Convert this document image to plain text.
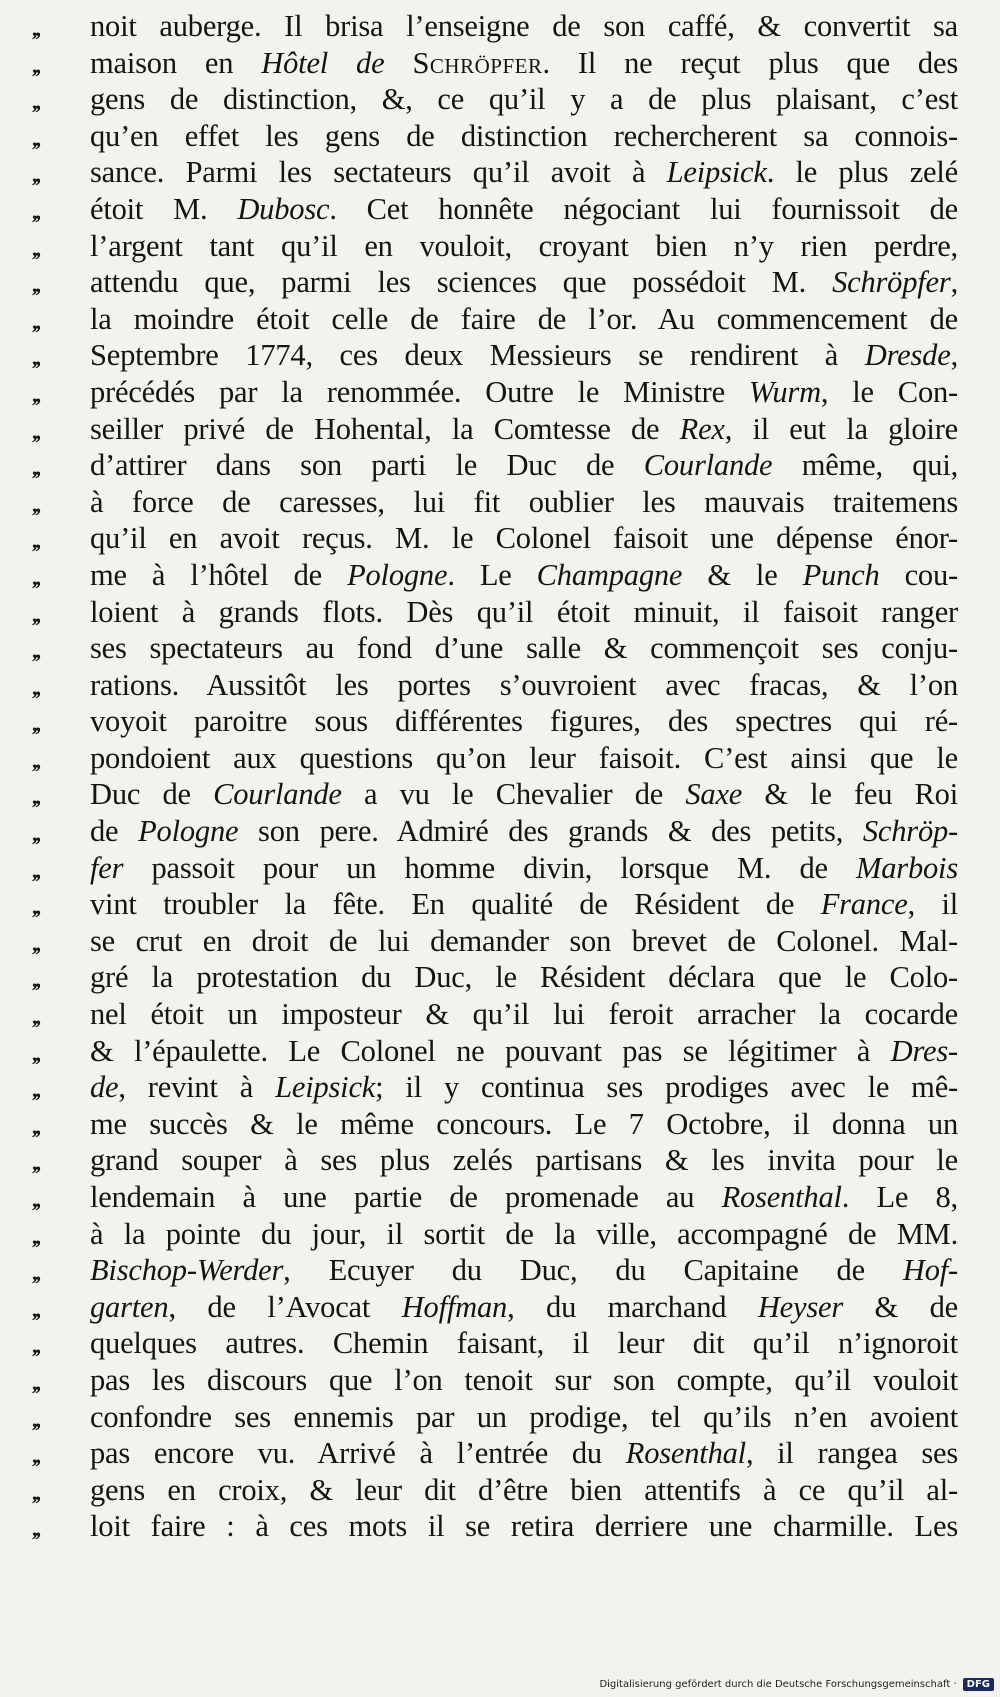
,,	noit auberge. Il brisa l’enseigne de son caffé, & convertit sa
,,	maison en Hôtel de Schröpfer. Il ne reçut plus que des
,,	gens de distinction, &, ce qu’il y a de plus plaisant, c’est
,,	qu’en effet les gens de distinction rechercherent sa connois-
,,	sance. Parmi les sectateurs qu’il avoit à Leipsick. le plus zelé
,,	étoit M. Dubosc. Cet honnête négociant lui fournissoit de
,,	l’argent tant qu’il en vouloit, croyant bien n’y rien perdre,
,,	attendu que, parmi les sciences que possédoit M. Schröpfer,
,,	la moindre étoit celle de faire de l’or. Au commencement de
,,	Septembre 1774, ces deux Messieurs se rendirent à Dresde,
,,	précédés par la renommée. Outre le Ministre Wurm, le Con-
,,	seiller privé de Hohental, la Comtesse de Rex, il eut la gloire
,,	d’attirer dans son parti le Duc de Courlande même, qui,
,,	à force de caresses, lui fit oublier les mauvais traitemens
,,	qu’il en avoit reçus. M. le Colonel faisoit une dépense énor-
,,	me à l’hôtel de Pologne. Le Champagne & le Punch cou-
,,	loient à grands flots. Dès qu’il étoit minuit, il faisoit ranger
,,	ses spectateurs au fond d’une salle & commençoit ses conju-
,,	rations. Aussitôt les portes s’ouvroient avec fracas, & l’on
,,	voyoit paroitre sous différentes figures, des spectres qui ré-
,,	pondoient aux questions qu’on leur faisoit. C’est ainsi que le
,,	Duc de Courlande a vu le Chevalier de Saxe & le feu Roi
,,	de Pologne son pere. Admiré des grands & des petits, Schröp-
,,	fer passoit pour un homme divin, lorsque M. de Marbois
,,	vint troubler la fête. En qualité de Résident de France, il
,,	se crut en droit de lui demander son brevet de Colonel. Mal-
,,	gré la protestation du Duc, le Résident déclara que le Colo-
,,	nel étoit un imposteur & qu’il lui feroit arracher la cocarde
,,	& l’épaulette. Le Colonel ne pouvant pas se légitimer à Dres-
,,	de, revint à Leipsick; il y continua ses prodiges avec le mê-
,,	me succès & le même concours. Le 7 Octobre, il donna un
,,	grand souper à ses plus zelés partisans & les invita pour le
,,	lendemain à une partie de promenade au Rosenthal. Le 8,
,,	à la pointe du jour, il sortit de la ville, accompagné de MM.
,,	Bischop-Werder, Ecuyer du Duc, du Capitaine de Hof-
,,	garten, de l’Avocat Hoffman, du marchand Heyser & de
,,	quelques autres. Chemin faisant, il leur dit qu’il n’ignoroit
,,	pas les discours que l’on tenoit sur son compte, qu’il vouloit
,,	confondre ses ennemis par un prodige, tel qu’ils n’en avoient
,,	pas encore vu. Arrivé à l’entrée du Rosenthal, il rangea ses
,,	gens en croix, & leur dit d’être bien attentifs à ce qu’il al-
,,	loit faire : à ces mots il se retira derriere une charmille. Les
Digitalisierung gefördert durch die Deutsche Forschungsgemeinschaft ·	DFG
